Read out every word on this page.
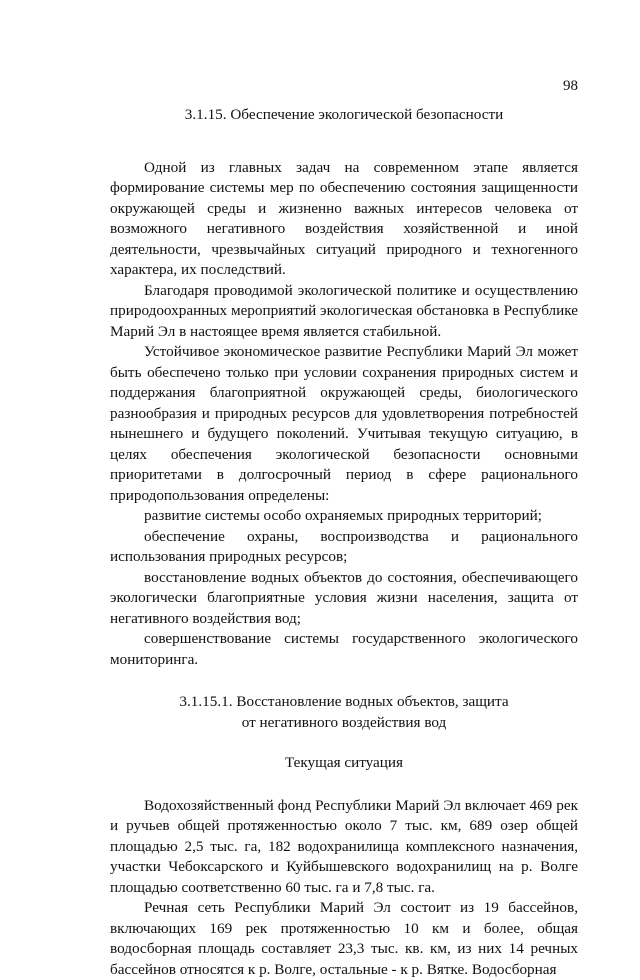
98

3.1.15. Обеспечение экологической безопасности

Одной из главных задач на современном этапе является формирование системы мер по обеспечению состояния защищенности окружающей среды и жизненно важных интересов человека от возможного негативного воздействия хозяйственной и иной деятельности, чрезвычайных ситуаций природного и техногенного характера, их последствий.

Благодаря проводимой экологической политике и осуществлению природоохранных мероприятий экологическая обстановка в Республике Марий Эл в настоящее время является стабильной.

Устойчивое экономическое развитие Республики Марий Эл может быть обеспечено только при условии сохранения природных систем и поддержания благоприятной окружающей среды, биологического разнообразия и природных ресурсов для удовлетворения потребностей нынешнего и будущего поколений. Учитывая текущую ситуацию, в целях обеспечения экологической безопасности основными приоритетами в долгосрочный период в сфере рационального природопользования определены:

развитие системы особо охраняемых природных территорий;

обеспечение охраны, воспроизводства и рационального использования природных ресурсов;

восстановление водных объектов до состояния, обеспечивающего экологически благоприятные условия жизни населения, защита от негативного воздействия вод;

совершенствование системы государственного экологического мониторинга.

3.1.15.1. Восстановление водных объектов, защита
от негативного воздействия вод

Текущая ситуация

Водохозяйственный фонд Республики Марий Эл включает 469 рек и ручьев общей протяженностью около 7 тыс. км, 689 озер общей площадью 2,5 тыс. га, 182 водохранилища комплексного назначения, участки Чебоксарского и Куйбышевского водохранилищ на р. Волге площадью соответственно 60 тыс. га и 7,8 тыс. га.

Речная сеть Республики Марий Эл состоит из 19 бассейнов, включающих 169 рек протяженностью 10 км и более, общая водосборная площадь составляет 23,3 тыс. кв. км, из них 14 речных бассейнов относятся к р. Волге, остальные - к р. Вятке. Водосборная
